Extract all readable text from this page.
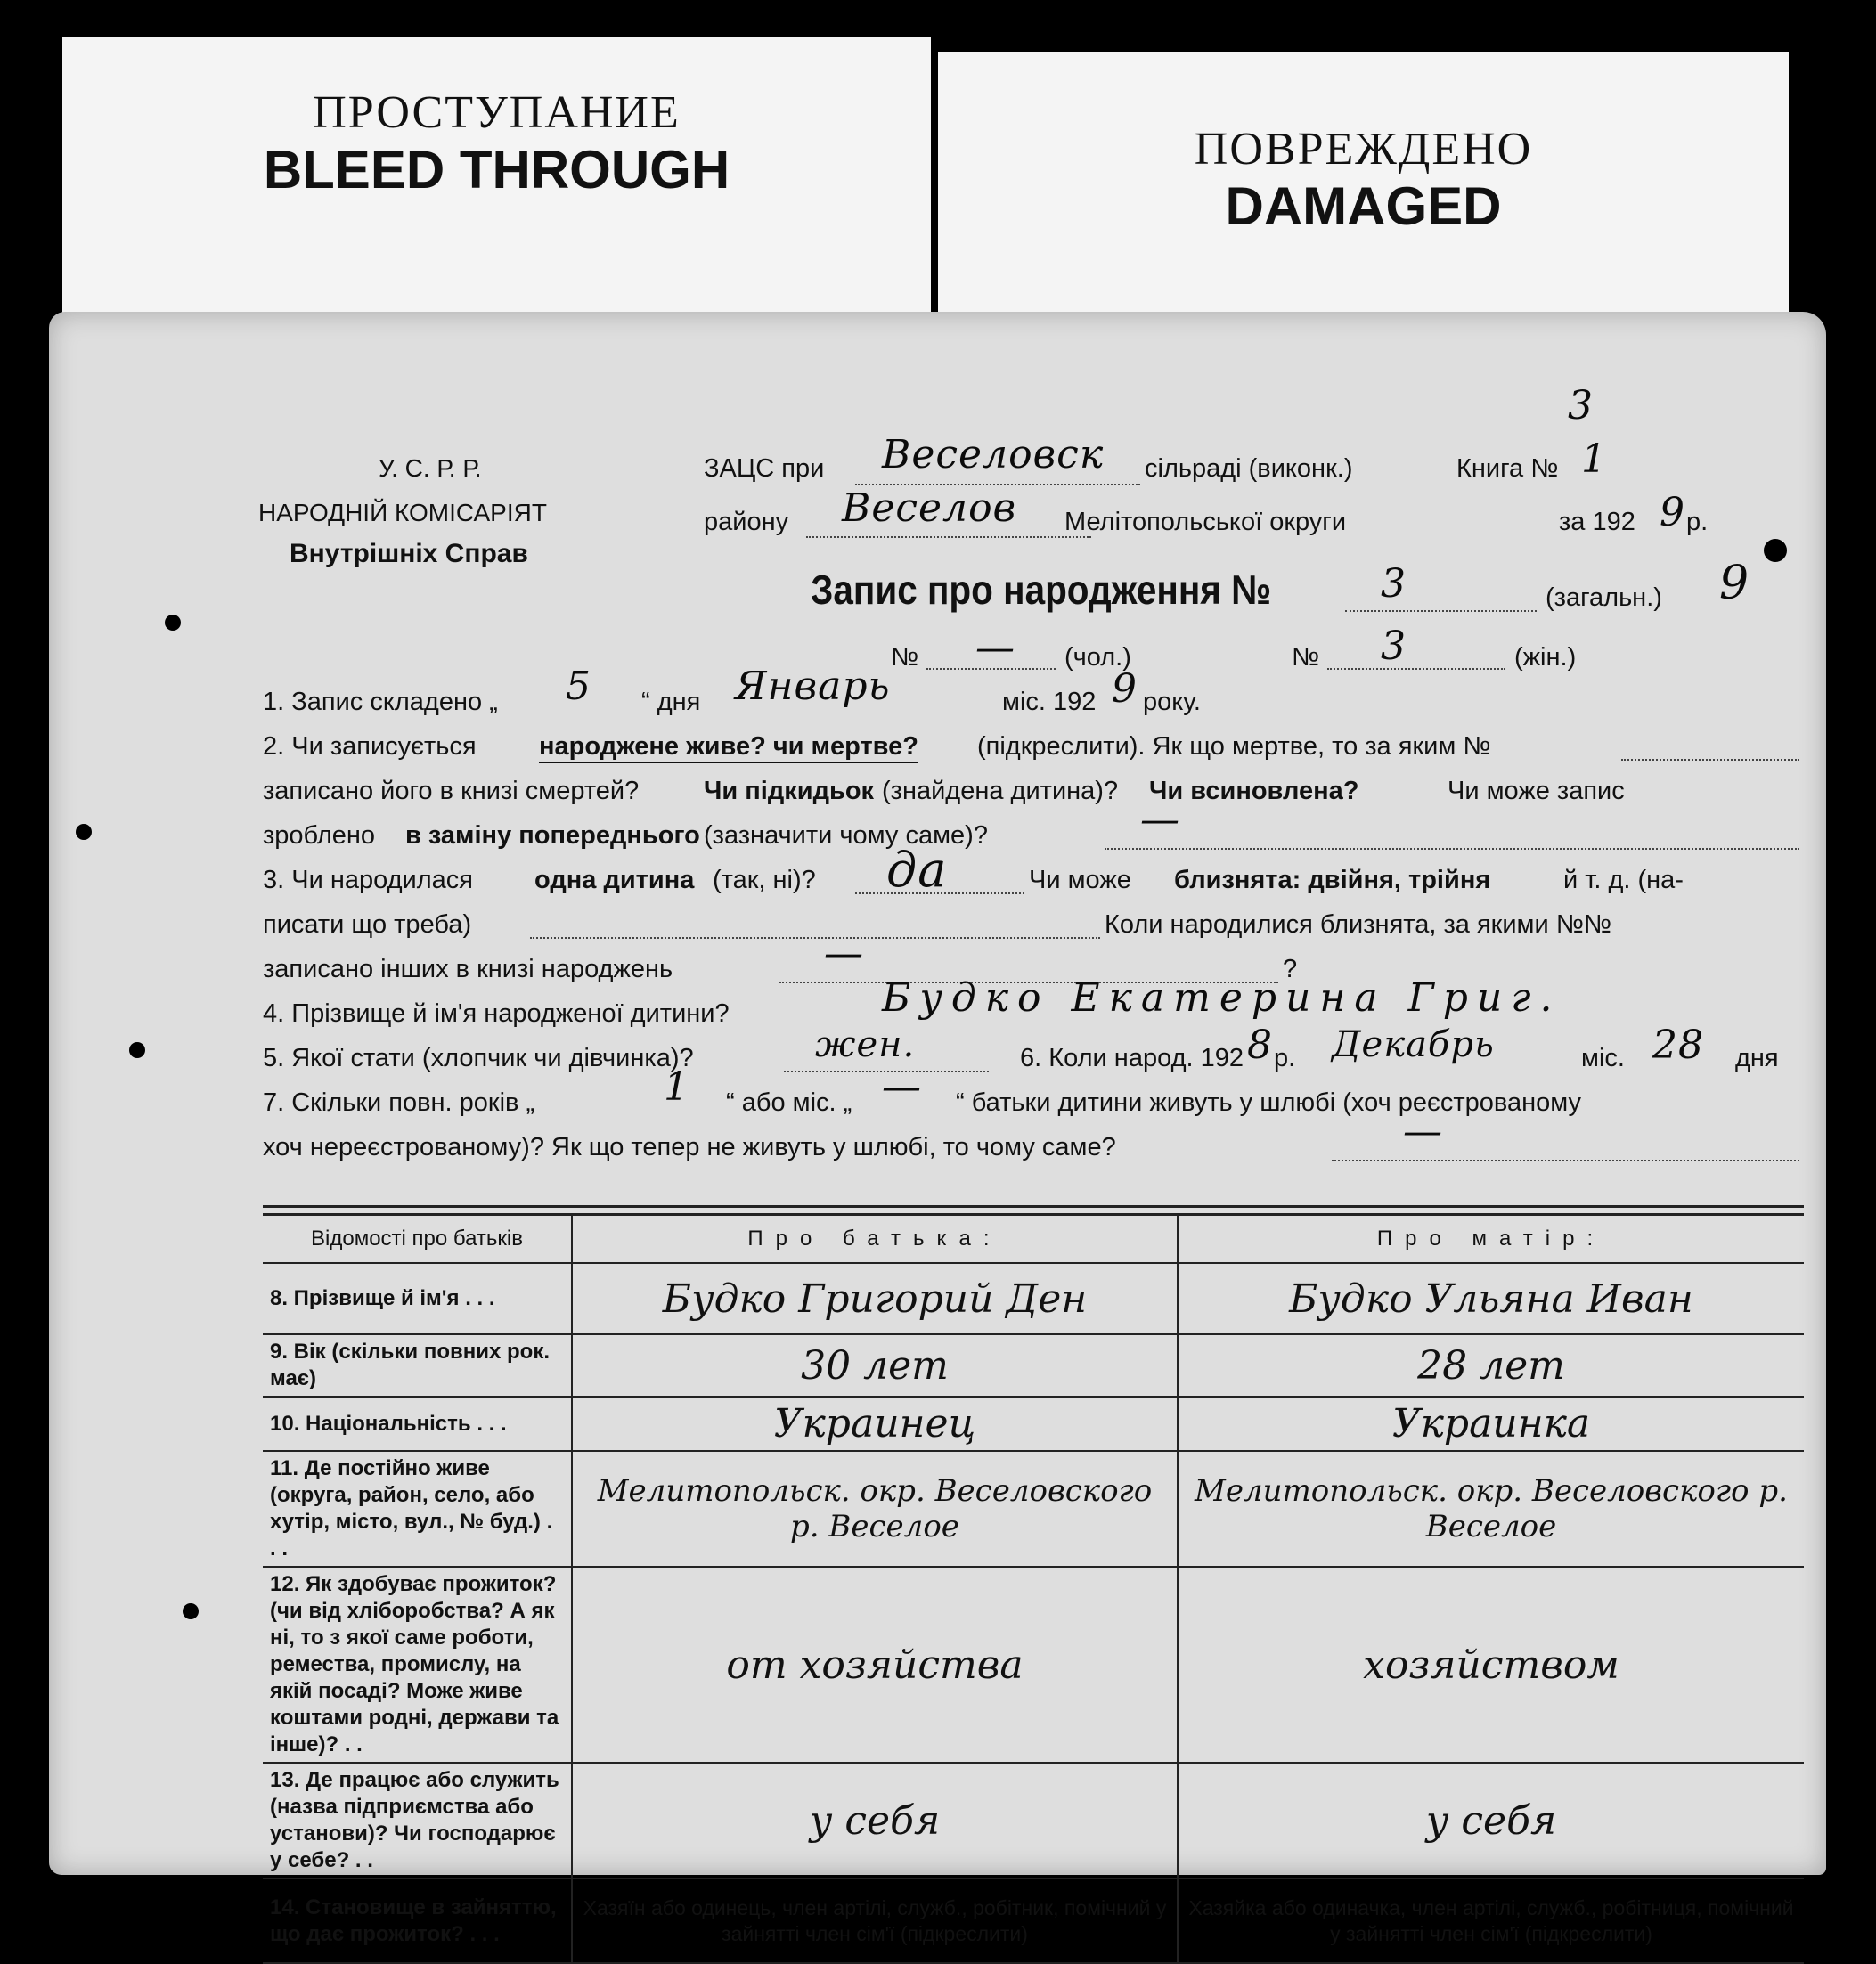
ПРОСТУПАНИЕ
BLEED THROUGH	ПОВРЕЖДЕНО
DAMAGED
У. С. Р. Р.
НАРОДНІЙ КОМІСАРІЯТ
Внутрішніх Справ
ЗАЦС при Веселовск сільраді (виконк.)	Книга № 1
3
району Веселов Мелітопольської округи	за 192 9 р.
Запис про народження №	3	(загальн.) 9
№ — (чол.)	№ 3	(жін.)
1. Запис складено „ 5 “ дня Январь	міс. 192 9 року.
2. Чи записується народжене живе? чи мертве? (підкреслити). Як що мертве, то за яким №
записано його в книзі смертей?	Чи підкидьок (знайдена дитина)? Чи всиновлена?	Чи може запис
зроблено в заміну попереднього (зазначити чому саме)?	—
3. Чи народилася одна дитина (так, ні)? да	Чи може близнята: двійня, трійня	й т. д. (на-
писати що треба)	Коли народилися близнята, за якими №№
записано інших в книзі народжень	—	?
4. Прізвище й ім'я народженої дитини?	Будко Екатерина Григ.
5. Якої стати (хлопчик чи дівчинка)?	жен.	6. Коли народ. 192 8 р. Декабрь	міс. 28 дня
7. Скільки повн. років „	1 “ або міс. „ — “ батьки дитини живуть у шлюбі (хоч реєстрованому
хоч нереєстрованому)? Як що тепер не живуть у шлюбі, то чому саме?	—
Відомості про батьків	Про батька:	Про матір:
8. Прізвище й ім'я . . .	Будко Григорий Ден	Будко Ульяна Иван
9. Вік (скільки повних рок. має)	30 лет	28 лет
10. Національність . . .	Украинец	Украинка
11. Де постійно живе (округа, район, село, або хутір, місто, вул., № буд.) . . .	Мелитопольск. окр. Веселовского р. Веселое	Мелитопольск. окр. Веселовского р. Веселое
12. Як здобуває прожиток? (чи від хліборобства? А як ні, то з якої саме роботи, ремества, промислу, на якій посаді? Може живе коштами родні, держави та інше)? . .	от хозяйства	хозяйством
13. Де працює або служить (назва підприємства або установи)? Чи господарює у себе? . .	у себя	у себя
14. Становище в зайняттю, що дає прожиток? . . .	Хазяїн або одинець, член артілі, служб., робітник, помічний у зайнятті член сім'ї (підкреслити)	Хазяйка або одиначка, член артілі, служб., робітниця, помічний у зайнятті член сім'ї (підкреслити)
